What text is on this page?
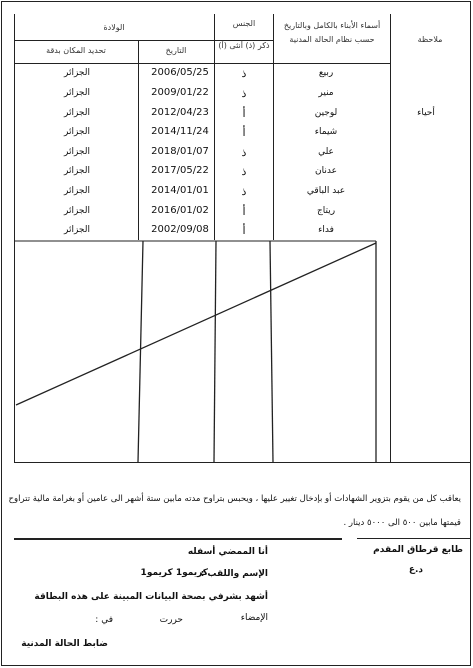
ملاحظة
أسماء الأبناء بالكامل وبالتاريخ
حسب نظام الحالة المدنية
الجنس
ذكر (ذ) أنثى (أ)
الولادة
التاريخ
تحديد المكان بدقة
أحياء
ربيع
ذ
2006/05/25
الجزائر
منير
ذ
2009/01/22
الجزائر
لوجين
أ
2012/04/23
الجزائر
شيماء
أ
2014/11/24
الجزائر
علي
ذ
2018/01/07
الجزائر
عدنان
ذ
2017/05/22
الجزائر
عبد الباقي
ذ
2014/01/01
الجزائر
ريتاج
أ
2016/01/02
الجزائر
فداء
أ
2002/09/08
الجزائر
يعاقب كل من يقوم بتزوير الشهادات أو بإدخال تغيير عليها ، ويحبس بتراوح مدته مابين ستة أشهر الى عامين أو بغرامة مالية تتراوح
قيمتها مابين ٥٠٠ الى ٥٠٠٠ دينار .
طابع قرطاق المقدم
د.ع
أنا الممضي أسفله
الإسم واللقب :
كريمو1 كريمو1
أشهد بشرفي بصحة البيانات المبينة على هذه البطاقة
الإمضاء
حررت
في :
ضابط الحالة المدنية
